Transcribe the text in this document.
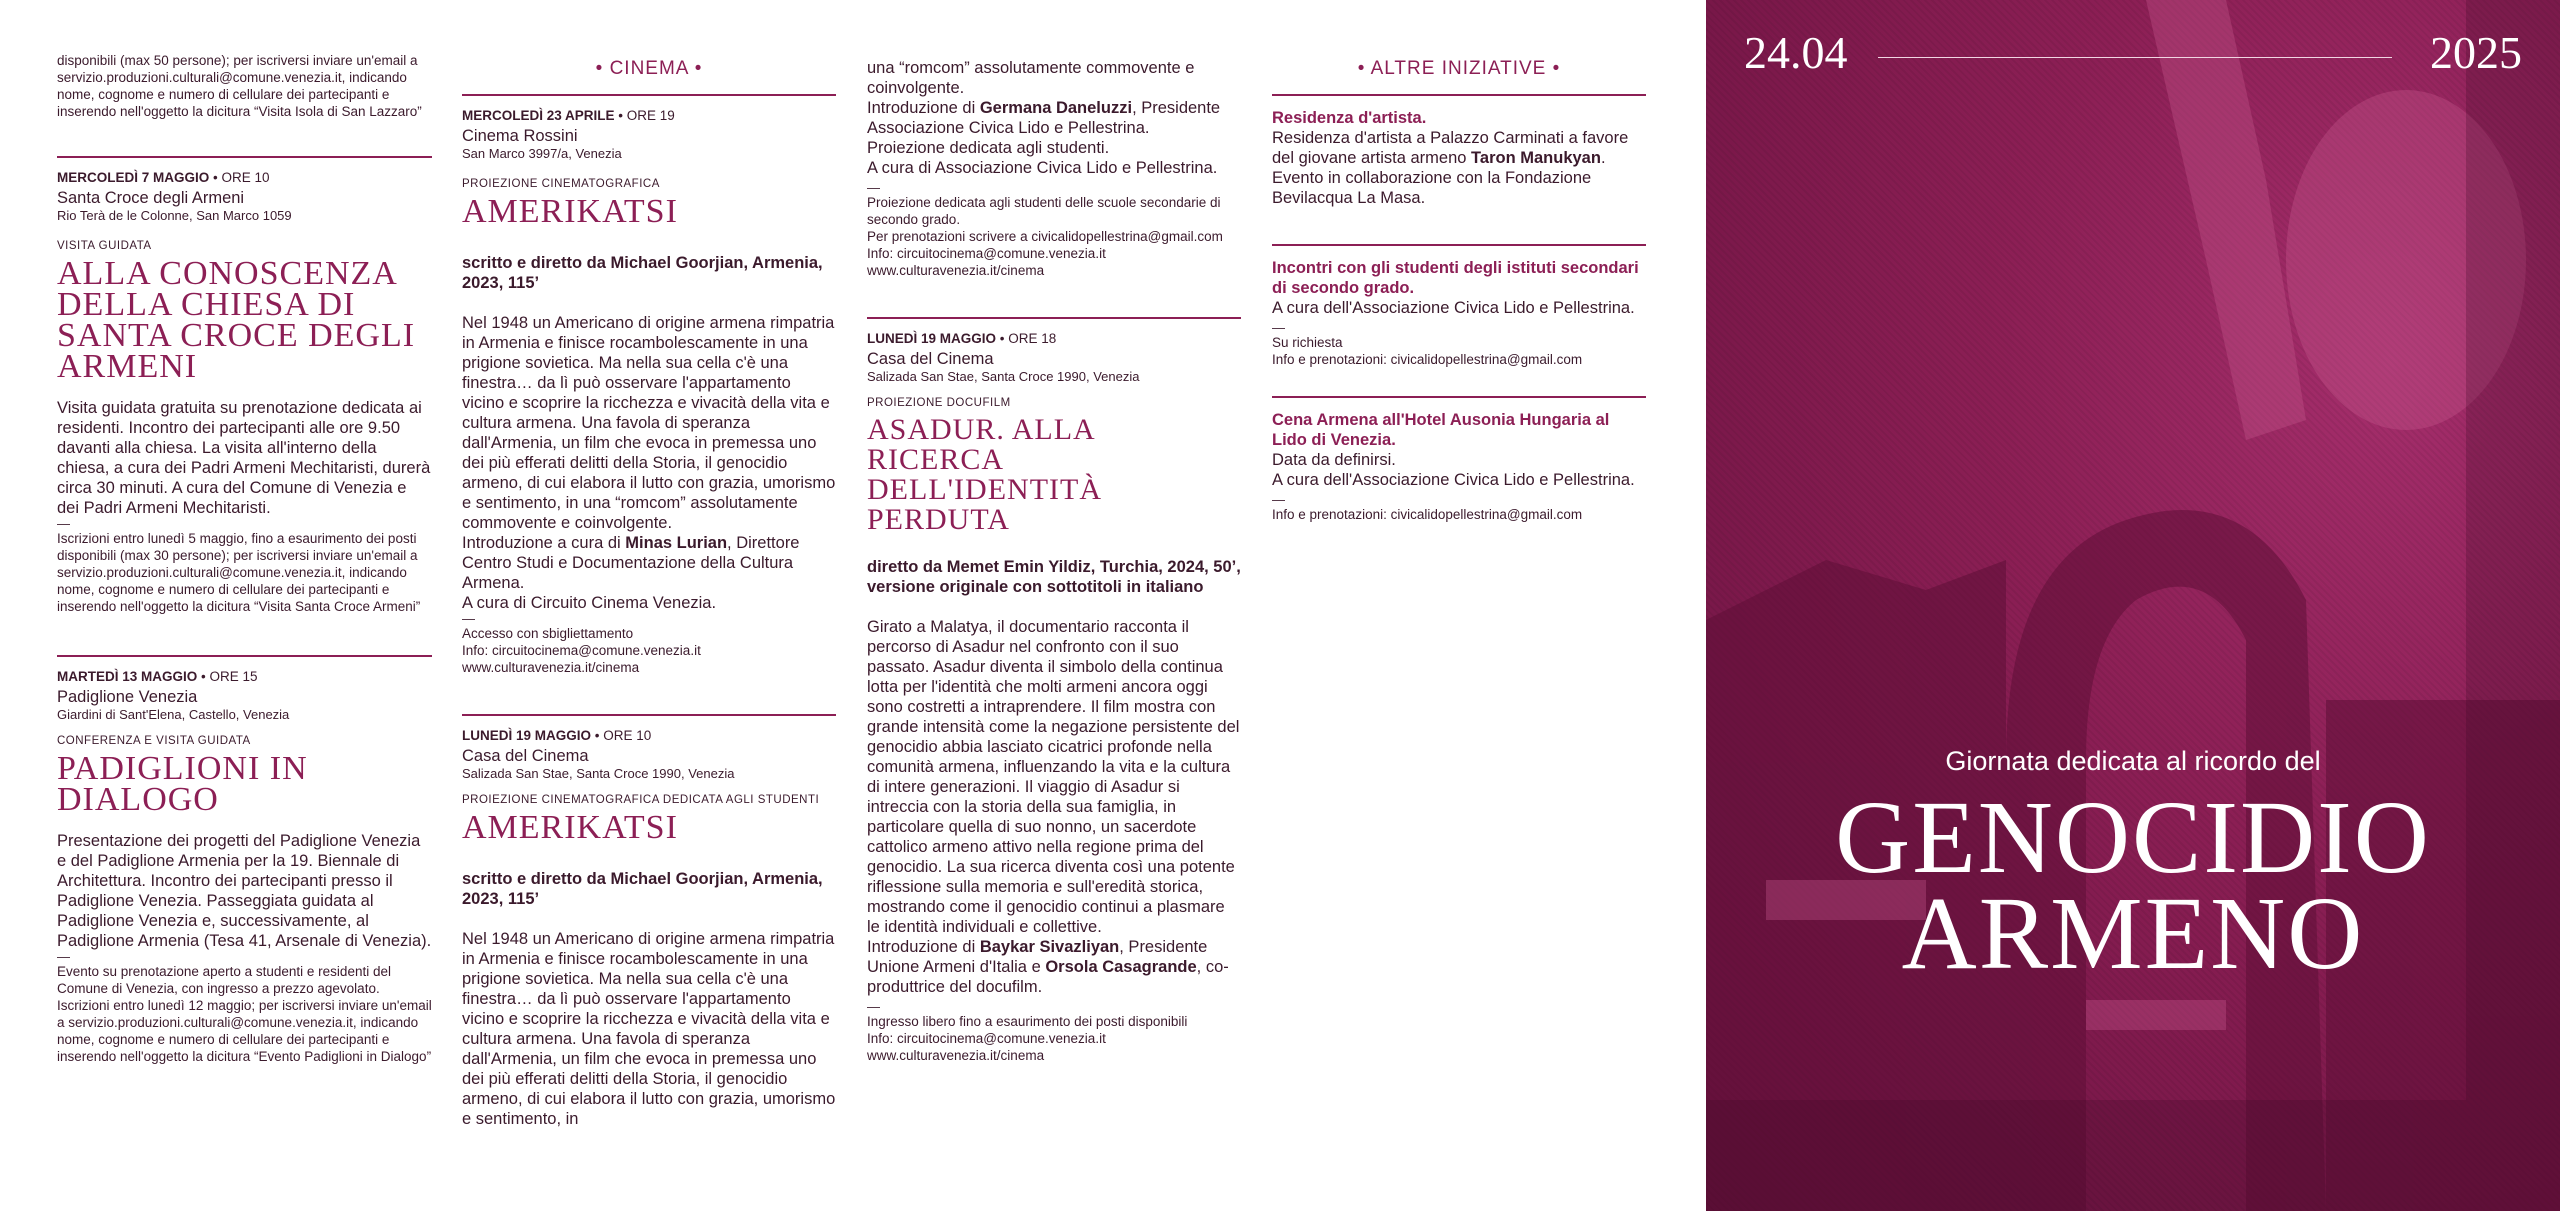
disponibili (max 50 persone); per iscriversi inviare un'email a servizio.produzioni.culturali@comune.venezia.it, indicando nome, cognome e numero di cellulare dei partecipanti e inserendo nell'oggetto la dicitura “Visita Isola di San Lazzaro”

MERCOLEDÌ 7 MAGGIO • ORE 10
Santa Croce degli Armeni
Rio Terà de le Colonne, San Marco 1059
VISITA GUIDATA
ALLA CONOSCENZA DELLA CHIESA DI SANTA CROCE DEGLI ARMENI

Visita guidata gratuita su prenotazione dedicata ai residenti. Incontro dei partecipanti alle ore 9.50 davanti alla chiesa. La visita all'interno della chiesa, a cura dei Padri Armeni Mechitaristi, durerà circa 30 minuti. A cura del Comune di Venezia e dei Padri Armeni Mechitaristi.

—

Iscrizioni entro lunedì 5 maggio, fino a esaurimento dei posti disponibili (max 30 persone); per iscriversi inviare un'email a servizio.produzioni.culturali@comune.venezia.it, indicando nome, cognome e numero di cellulare dei partecipanti e inserendo nell'oggetto la dicitura “Visita Santa Croce Armeni”

MARTEDÌ 13 MAGGIO • ORE 15
Padiglione Venezia
Giardini di Sant'Elena, Castello, Venezia
CONFERENZA E VISITA GUIDATA
PADIGLIONI IN DIALOGO

Presentazione dei progetti del Padiglione Venezia e del Padiglione Armenia per la 19. Biennale di Architettura. Incontro dei partecipanti presso il Padiglione Venezia. Passeggiata guidata al Padiglione Venezia e, successivamente, al Padiglione Armenia (Tesa 41, Arsenale di Venezia).

—

Evento su prenotazione aperto a studenti e residenti del Comune di Venezia, con ingresso a prezzo agevolato. Iscrizioni entro lunedì 12 maggio; per iscriversi inviare un'email a servizio.produzioni.culturali@comune.venezia.it, indicando nome, cognome e numero di cellulare dei partecipanti e inserendo nell'oggetto la dicitura “Evento Padiglioni in Dialogo”

• CINEMA •
MERCOLEDÌ 23 APRILE • ORE 19
Cinema Rossini
San Marco 3997/a, Venezia
PROIEZIONE CINEMATOGRAFICA
AMERIKATSI
scritto e diretto da Michael Goorjian, Armenia, 2023, 115’

Nel 1948 un Americano di origine armena rimpatria in Armenia e finisce rocambolescamente in una prigione sovietica. Ma nella sua cella c'è una finestra… da lì può osservare l'appartamento vicino e scoprire la ricchezza e vivacità della vita e cultura armena. Una favola di speranza dall'Armenia, un film che evoca in premessa uno dei più efferati delitti della Storia, il genocidio armeno, di cui elabora il lutto con grazia, umorismo e sentimento, in una “romcom” assolutamente commovente e coinvolgente.

Introduzione a cura di Minas Lurian, Direttore Centro Studi e Documentazione della Cultura Armena.

A cura di Circuito Cinema Venezia.

—

Accesso con sbigliettamento

Info: circuitocinema@comune.venezia.it

www.culturavenezia.it/cinema

LUNEDÌ 19 MAGGIO • ORE 10
Casa del Cinema
Salizada San Stae, Santa Croce 1990, Venezia
PROIEZIONE CINEMATOGRAFICA DEDICATA AGLI STUDENTI
AMERIKATSI
scritto e diretto da Michael Goorjian, Armenia, 2023, 115’

Nel 1948 un Americano di origine armena rimpatria in Armenia e finisce rocambolescamente in una prigione sovietica. Ma nella sua cella c'è una finestra… da lì può osservare l'appartamento vicino e scoprire la ricchezza e vivacità della vita e cultura armena. Una favola di speranza dall'Armenia, un film che evoca in premessa uno dei più efferati delitti della Storia, il genocidio armeno, di cui elabora il lutto con grazia, umorismo e sentimento, in

una “romcom” assolutamente commovente e coinvolgente.

Introduzione di Germana Daneluzzi, Presidente Associazione Civica Lido e Pellestrina.

Proiezione dedicata agli studenti.

A cura di Associazione Civica Lido e Pellestrina.

—

Proiezione dedicata agli studenti delle scuole secondarie di secondo grado.

Per prenotazioni scrivere a civicalidopellestrina@gmail.com

Info: circuitocinema@comune.venezia.it

www.culturavenezia.it/cinema

LUNEDÌ 19 MAGGIO • ORE 18
Casa del Cinema
Salizada San Stae, Santa Croce 1990, Venezia
PROIEZIONE DOCUFILM
ASADUR. ALLA RICERCA DELL'IDENTITÀ PERDUTA
diretto da Memet Emin Yildiz, Turchia, 2024, 50’, versione originale con sottotitoli in italiano

Girato a Malatya, il documentario racconta il percorso di Asadur nel confronto con il suo passato. Asadur diventa il simbolo della continua lotta per l'identità che molti armeni ancora oggi sono costretti a intraprendere. Il film mostra con grande intensità come la negazione persistente del genocidio abbia lasciato cicatrici profonde nella comunità armena, influenzando la vita e la cultura di intere generazioni. Il viaggio di Asadur si intreccia con la storia della sua famiglia, in particolare quella di suo nonno, un sacerdote cattolico armeno attivo nella regione prima del genocidio. La sua ricerca diventa così una potente riflessione sulla memoria e sull'eredità storica, mostrando come il genocidio continui a plasmare le identità individuali e collettive.

Introduzione di Baykar Sivazliyan, Presidente Unione Armeni d'Italia e Orsola Casagrande, co-produttrice del docufilm.

—

Ingresso libero fino a esaurimento dei posti disponibili

Info: circuitocinema@comune.venezia.it

www.culturavenezia.it/cinema

• ALTRE INIZIATIVE •
Residenza d'artista.

Residenza d'artista a Palazzo Carminati a favore del giovane artista armeno Taron Manukyan. Evento in collaborazione con la Fondazione Bevilacqua La Masa.

Incontri con gli studenti degli istituti secondari di secondo grado.

A cura dell'Associazione Civica Lido e Pellestrina.

—

Su richiesta

Info e prenotazioni: civicalidopellestrina@gmail.com

Cena Armena all'Hotel Ausonia Hungaria al Lido di Venezia.

Data da definirsi.

A cura dell'Associazione Civica Lido e Pellestrina.

—

Info e prenotazioni: civicalidopellestrina@gmail.com

24.04	2025
Giornata dedicata al ricordo del
GENOCIDIO
ARMENO
